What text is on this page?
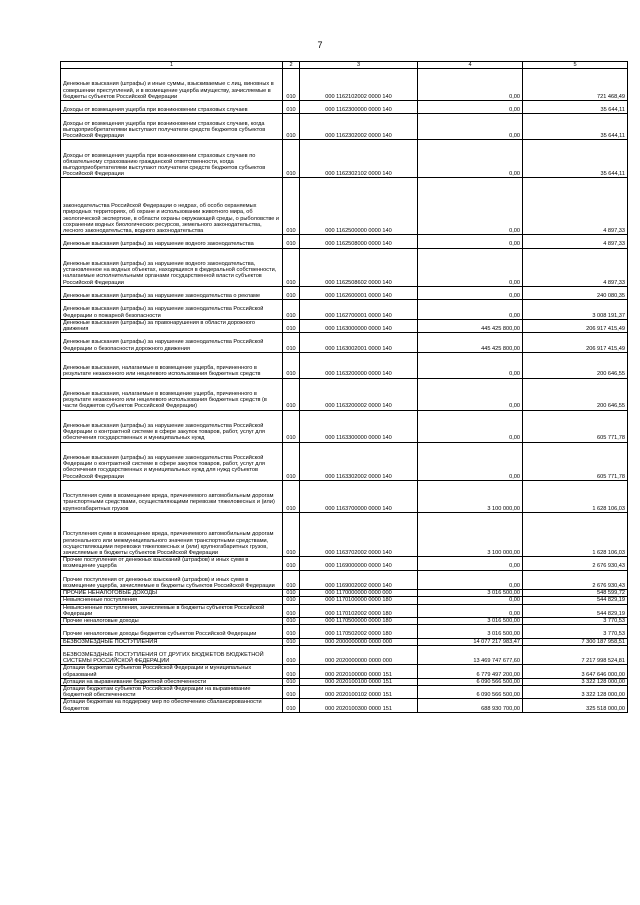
7
1	2	3	4	5
Денежные взыскания (штрафы) и иные суммы, взыскиваемые с лиц, виновных в совершении преступлений, и в возмещение ущерба имуществу, зачисляемые в бюджеты субъектов Российской Федерации	010	000 1162102002 0000 140	0,00	721 468,49
Доходы от возмещения ущерба при возникновении страховых случаев	010	000 1162300000 0000 140	0,00	35 644,11
Доходы от возмещения ущерба при возникновении страховых случаев, когда выгодоприобретателями выступают получатели средств бюджетов субъектов Российской Федерации	010	000 1162302002 0000 140	0,00	35 644,11
Доходы от возмещения ущерба при возникновении страховых случаев по обязательному страхованию гражданской ответственности, когда выгодоприобретателями выступают получатели средств бюджетов субъектов Российской Федерации	010	000 1162302102 0000 140	0,00	35 644,11
законодательства Российской Федерации о недрах, об особо охраняемых природных территориях, об охране и использовании животного мира, об экологической экспертизе, в области охраны окружающей среды, о рыболовстве и сохранении водных биологических ресурсов, земельного законодательства, лесного законодательства, водного законодательства	010	000 1162500000 0000 140	0,00	4 897,33
Денежные взыскания (штрафы) за нарушение водного законодательства	010	000 1162508000 0000 140	0,00	4 897,33
Денежные взыскания (штрафы) за нарушение водного законодательства, установленное на водных объектах, находящихся в федеральной собственности, налагаемые исполнительными органами государственной власти субъектов Российской Федерации	010	000 1162508602 0000 140	0,00	4 897,33
Денежные взыскания (штрафы) за нарушение законодательства о рекламе	010	000 1162600001 0000 140	0,00	240 080,35
Денежные взыскания (штрафы) за нарушение законодательства Российской Федерации о пожарной безопасности	010	000 1162700001 0000 140	0,00	3 008 191,37
Денежные взыскания (штрафы) за правонарушения в области дорожного движения	010	000 1163000000 0000 140	445 425 800,00	206 917 415,49
Денежные взыскания (штрафы) за нарушение законодательства Российской Федерации о безопасности дорожного движения	010	000 1163002001 0000 140	445 425 800,00	206 917 415,49
Денежные взыскания, налагаемые в возмещение ущерба, причиненного в результате незаконного или нецелевого использования бюджетных средств	010	000 1163200000 0000 140	0,00	200 646,55
Денежные взыскания, налагаемые в возмещение ущерба, причиненного в результате незаконного или нецелевого использования бюджетных средств (в части бюджетов субъектов Российской Федерации)	010	000 1163200002 0000 140	0,00	200 646,55
Денежные взыскания (штрафы) за нарушение законодательства Российской Федерации о контрактной системе в сфере закупок товаров, работ, услуг для обеспечения государственных и муниципальных нужд	010	000 1163300000 0000 140	0,00	605 771,78
Денежные взыскания (штрафы) за нарушение законодательства Российской Федерации о контрактной системе в сфере закупок товаров, работ, услуг для обеспечения государственных и муниципальных нужд для нужд субъектов Российской Федерации	010	000 1163302002 0000 140	0,00	605 771,78
Поступления сумм в возмещение вреда, причиняемого автомобильным дорогам транспортными средствами, осуществляющими перевозки тяжеловесных и (или) крупногабаритных грузов	010	000 1163700000 0000 140	3 100 000,00	1 628 106,03
Поступления сумм в возмещение вреда, причиняемого автомобильным дорогам регионального или межмуниципального значения транспортными средствами, осуществляющими перевозки тяжеловесных и (или) крупногабаритных грузов, зачисляемые в бюджеты субъектов Российской Федерации	010	000 1163702002 0000 140	3 100 000,00	1 628 106,03
Прочие поступления от денежных взысканий (штрафов) и иных сумм в возмещение ущерба	010	000 1169000000 0000 140	0,00	2 676 930,43
Прочие поступления от денежных взысканий (штрафов) и иных сумм в возмещение ущерба, зачисляемые в бюджеты субъектов Российской Федерации	010	000 1169002002 0000 140	0,00	2 676 930,43
ПРОЧИЕ НЕНАЛОГОВЫЕ ДОХОДЫ	010	000 1170000000 0000 000	3 016 500,00	548 599,72
Невыясненные поступления	010	000 1170100000 0000 180	0,00	544 829,19
Невыясненные поступления, зачисляемые в бюджеты субъектов Российской Федерации	010	000 1170102002 0000 180	0,00	544 829,19
Прочие неналоговые доходы	010	000 1170500000 0000 180	3 016 500,00	3 770,53
Прочие неналоговые доходы бюджетов субъектов Российской Федерации	010	000 1170502002 0000 180	3 016 500,00	3 770,53
БЕЗВОЗМЕЗДНЫЕ ПОСТУПЛЕНИЯ	010	000 2000000000 0000 000	14 077 217 983,47	7 300 187 958,51
БЕЗВОЗМЕЗДНЫЕ ПОСТУПЛЕНИЯ ОТ ДРУГИХ БЮДЖЕТОВ БЮДЖЕТНОЙ СИСТЕМЫ РОССИЙСКОЙ ФЕДЕРАЦИИ	010	000 2020000000 0000 000	13 469 747 677,60	7 217 998 524,81
Дотации бюджетам субъектов Российской Федерации и муниципальных образований	010	000 2020100000 0000 151	6 779 497 200,00	3 647 646 000,00
Дотации на выравнивание бюджетной обеспеченности	010	000 2020100100 0000 151	6 090 566 500,00	3 322 128 000,00
Дотации бюджетам субъектов Российской Федерации на выравнивание бюджетной обеспеченности	010	000 2020100102 0000 151	6 090 566 500,00	3 322 128 000,00
Дотации бюджетам на поддержку мер по обеспечению сбалансированности бюджетов	010	000 2020100300 0000 151	688 930 700,00	325 518 000,00
